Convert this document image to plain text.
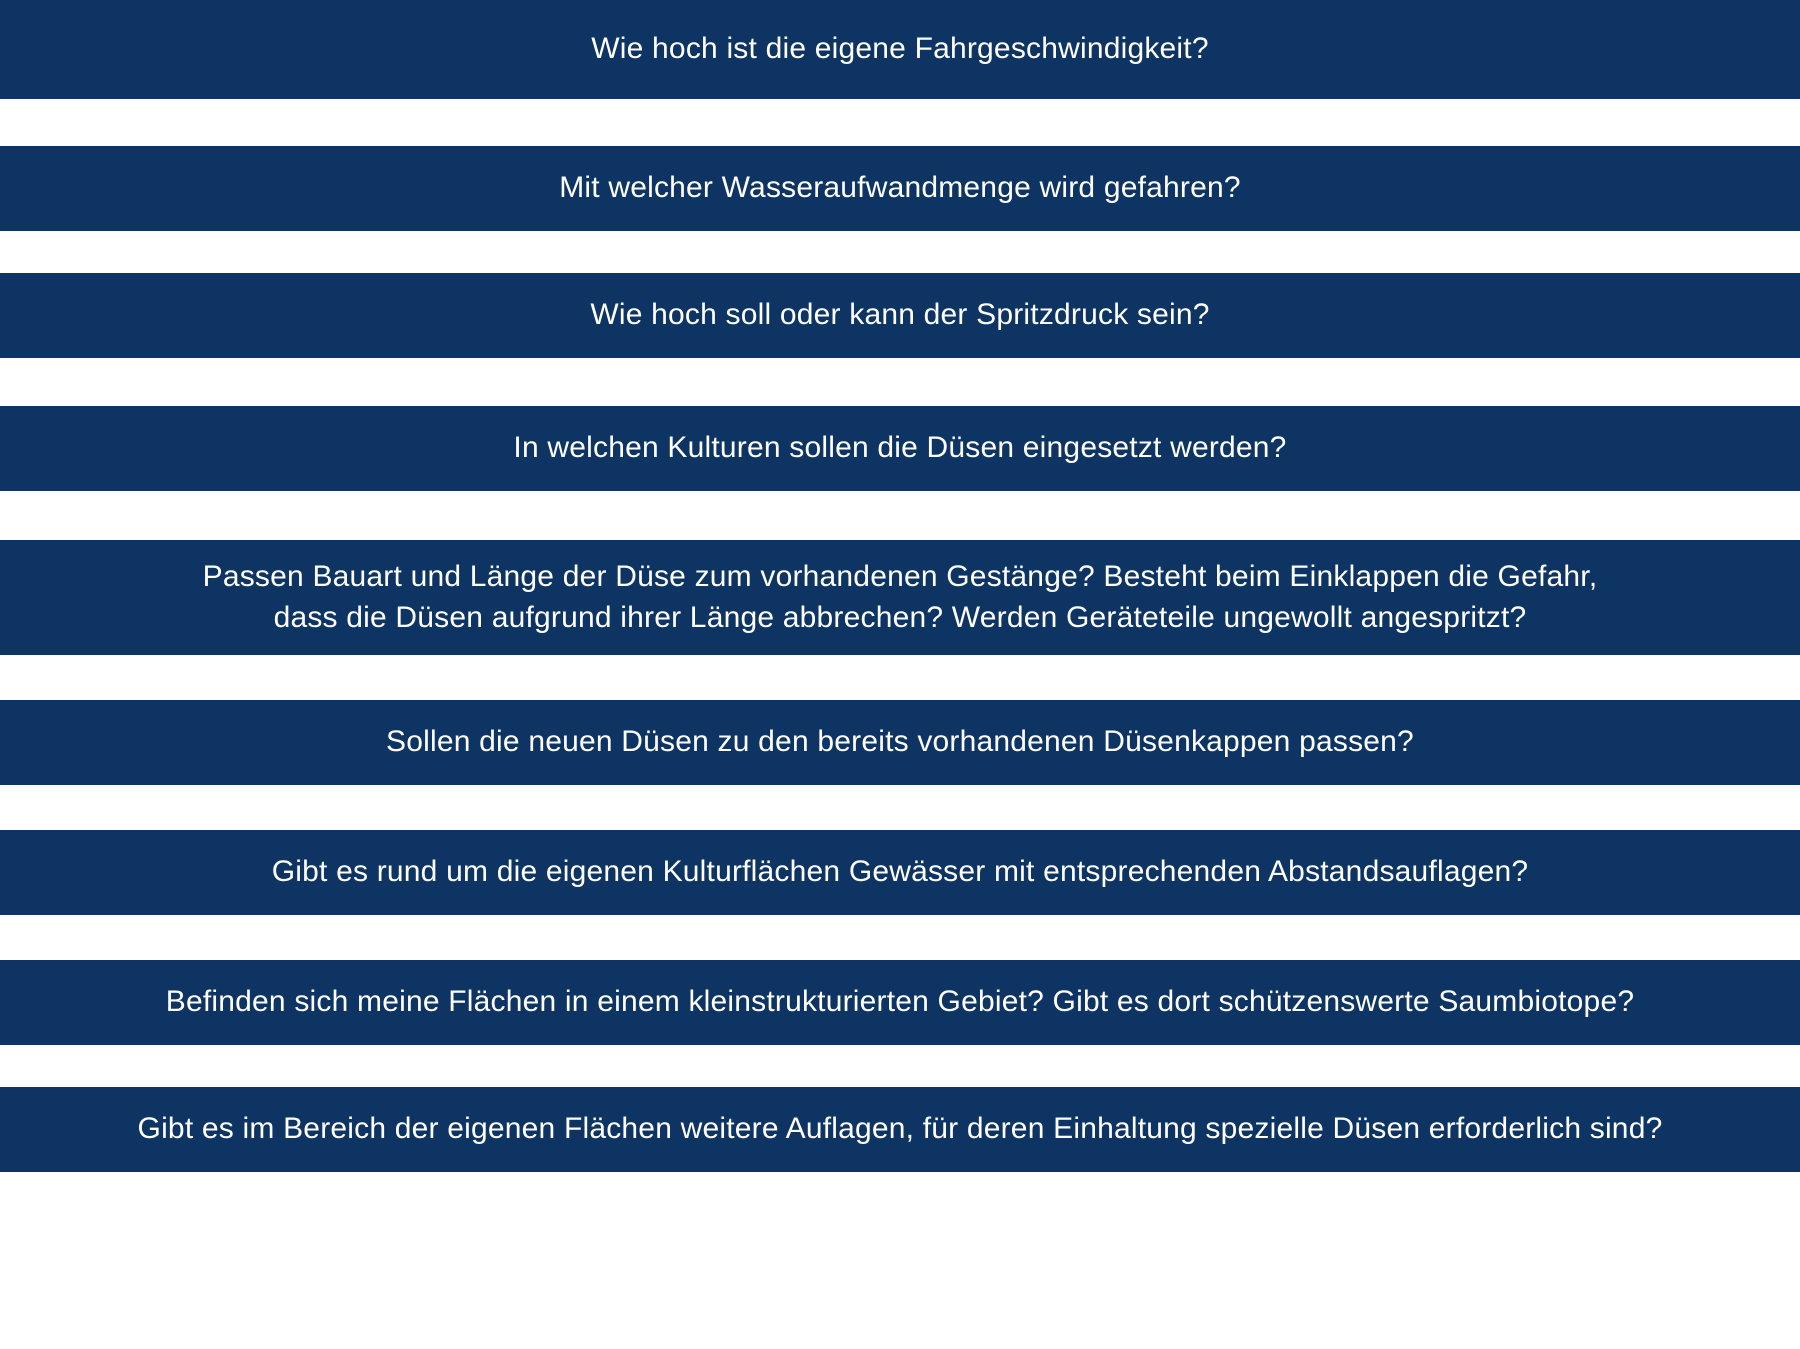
Wie hoch ist die eigene Fahrgeschwindigkeit?
Mit welcher Wasseraufwandmenge wird gefahren?
Wie hoch soll oder kann der Spritzdruck sein?
In welchen Kulturen sollen die Düsen eingesetzt werden?
Passen Bauart und Länge der Düse zum vorhandenen Gestänge? Besteht beim Einklappen die Gefahr, dass die Düsen aufgrund ihrer Länge abbrechen? Werden Geräteteile ungewollt angespritzt?
Sollen die neuen Düsen zu den bereits vorhandenen Düsenkappen passen?
Gibt es rund um die eigenen Kulturflächen Gewässer mit entsprechenden Abstandsauflagen?
Befinden sich meine Flächen in einem kleinstrukturierten Gebiet? Gibt es dort schützenswerte Saumbiotope?
Gibt es im Bereich der eigenen Flächen weitere Auflagen, für deren Einhaltung spezielle Düsen erforderlich sind?
